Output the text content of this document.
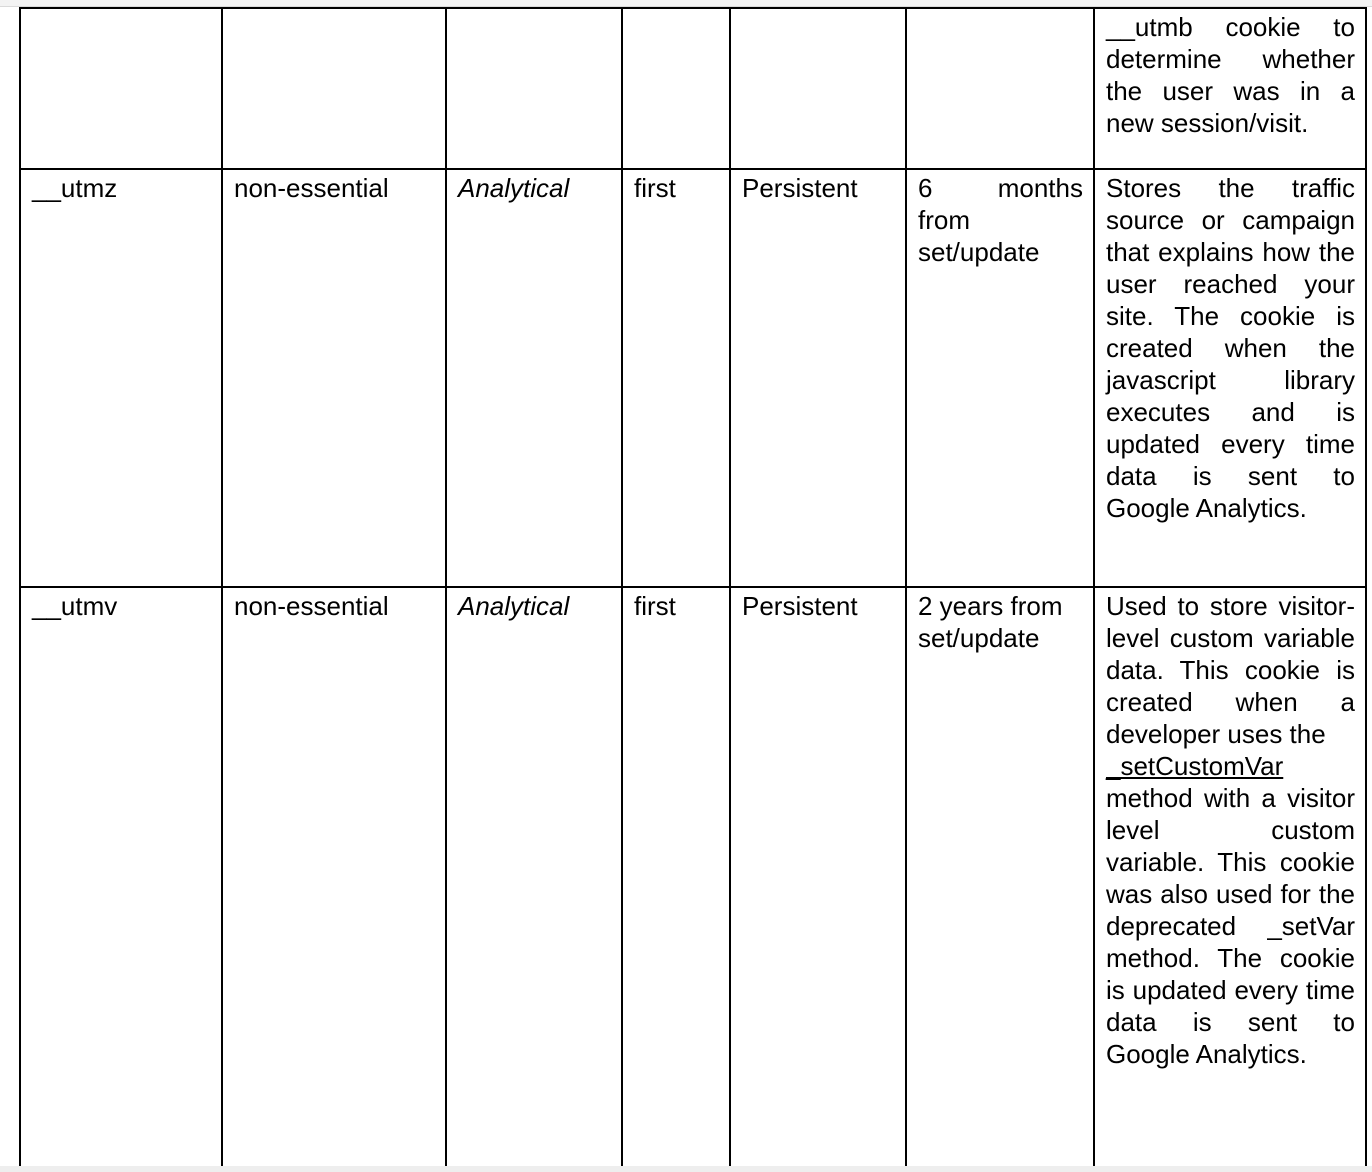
						__utmb cookie to determine whether the user was in a new session/visit.
__utmz	non-essential	Analytical	first	Persistent	6 months from set/update	Stores the traffic source or campaign that explains how the user reached your site. The cookie is created when the javascript library executes and is updated every time data is sent to Google Analytics.
__utmv	non-essential	Analytical	first	Persistent	2 years from set/update	Used to store visitor-level custom variable data. This cookie is created when a developer uses the
_setCustomVar
method with a visitor level custom variable. This cookie was also used for the deprecated _setVar method. The cookie is updated every time data is sent to Google Analytics.
